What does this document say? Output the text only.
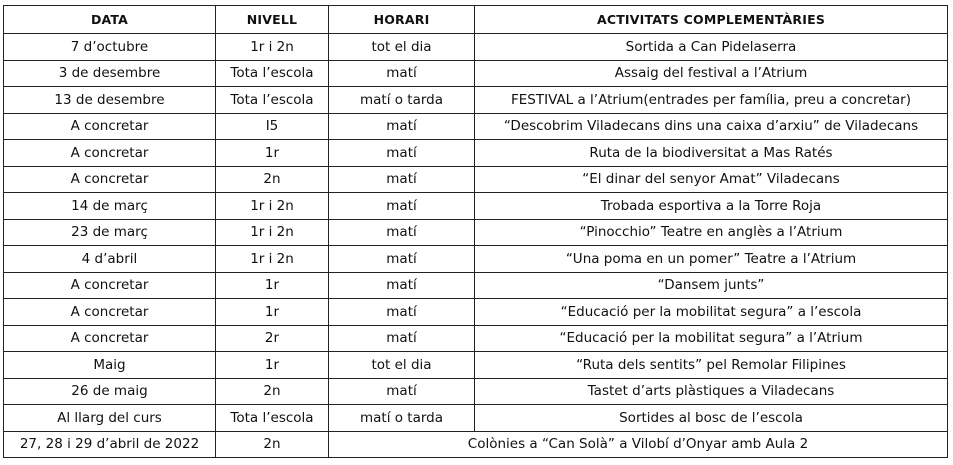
DATA	NIVELL	HORARI	ACTIVITATS COMPLEMENTÀRIES
7 d’octubre	1r i 2n	tot el dia	Sortida a Can Pidelaserra
3 de desembre	Tota l’escola	matí	Assaig del festival a l’Atrium
13 de desembre	Tota l’escola	matí o tarda	FESTIVAL a l’Atrium(entrades per família, preu a concretar)
A concretar	I5	matí	“Descobrim Viladecans dins una caixa d’arxiu” de Viladecans
A concretar	1r	matí	Ruta de la biodiversitat a Mas Ratés
A concretar	2n	matí	“El dinar del senyor Amat” Viladecans
14 de març	1r i 2n	matí	Trobada esportiva a la Torre Roja
23 de març	1r i 2n	matí	“Pinocchio” Teatre en anglès a l’Atrium
4 d’abril	1r i 2n	matí	“Una poma en un pomer” Teatre a l’Atrium
A concretar	1r	matí	“Dansem junts”
A concretar	1r	matí	“Educació per la mobilitat segura” a l’escola
A concretar	2r	matí	“Educació per la mobilitat segura” a l’Atrium
Maig	1r	tot el dia	“Ruta dels sentits” pel Remolar Filipines
26 de maig	2n	matí	Tastet d’arts plàstiques a Viladecans
Al llarg del curs	Tota l’escola	matí o tarda	Sortides al bosc de l’escola
27, 28 i 29 d’abril de 2022	2n	Colònies a “Can Solà” a Vilobí d’Onyar amb Aula 2	
